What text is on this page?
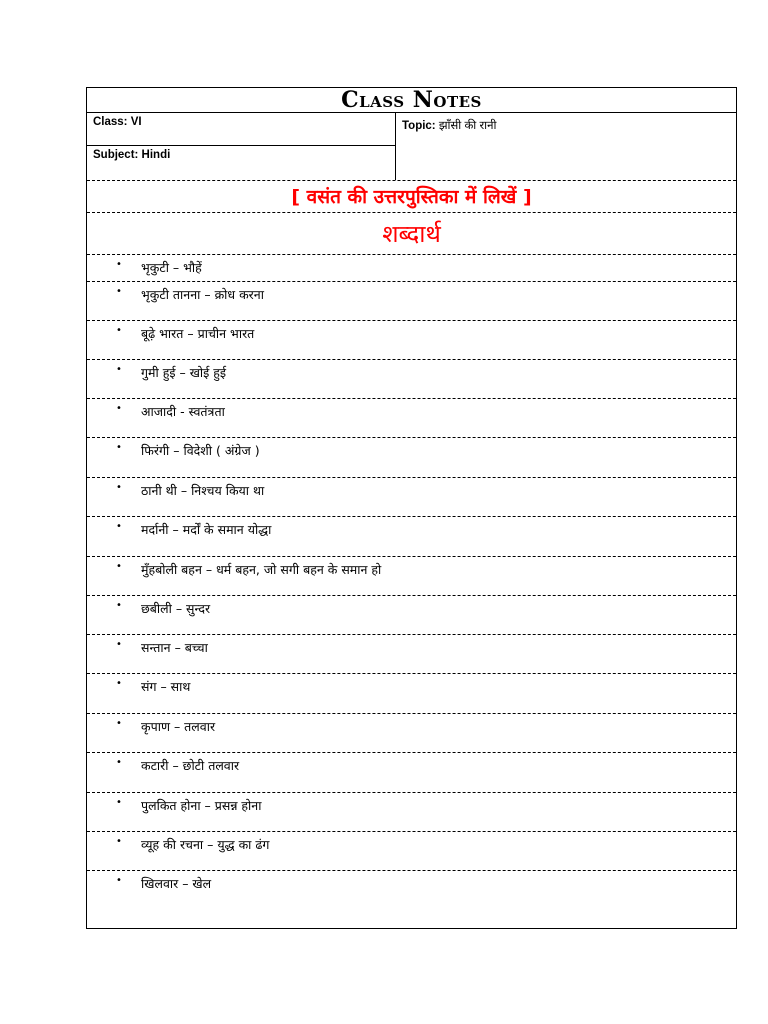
Class Notes
Class: VI
Subject: Hindi
Topic: झाँसी की रानी
[ वसंत की उत्तरपुस्तिका में लिखें ]
शब्दार्थ
• भृकुटी – भौहें
• भृकुटी तानना – क्रोध करना
• बूढ़े भारत – प्राचीन भारत
• गुमी हुई – खोई हुई
• आजादी - स्वतंत्रता
• फिरंगी – विदेशी ( अंग्रेज )
• ठानी थी – निश्चय किया था
• मर्दानी – मर्दों के समान योद्धा
• मुँहबोली बहन – धर्म बहन, जो सगी बहन के समान हो
• छबीली – सुन्दर
• सन्तान – बच्चा
• संग – साथ
• कृपाण – तलवार
• कटारी – छोटी तलवार
• पुलकित होना – प्रसन्न होना
• व्यूह की रचना – युद्ध का ढंग
• खिलवार – खेल
